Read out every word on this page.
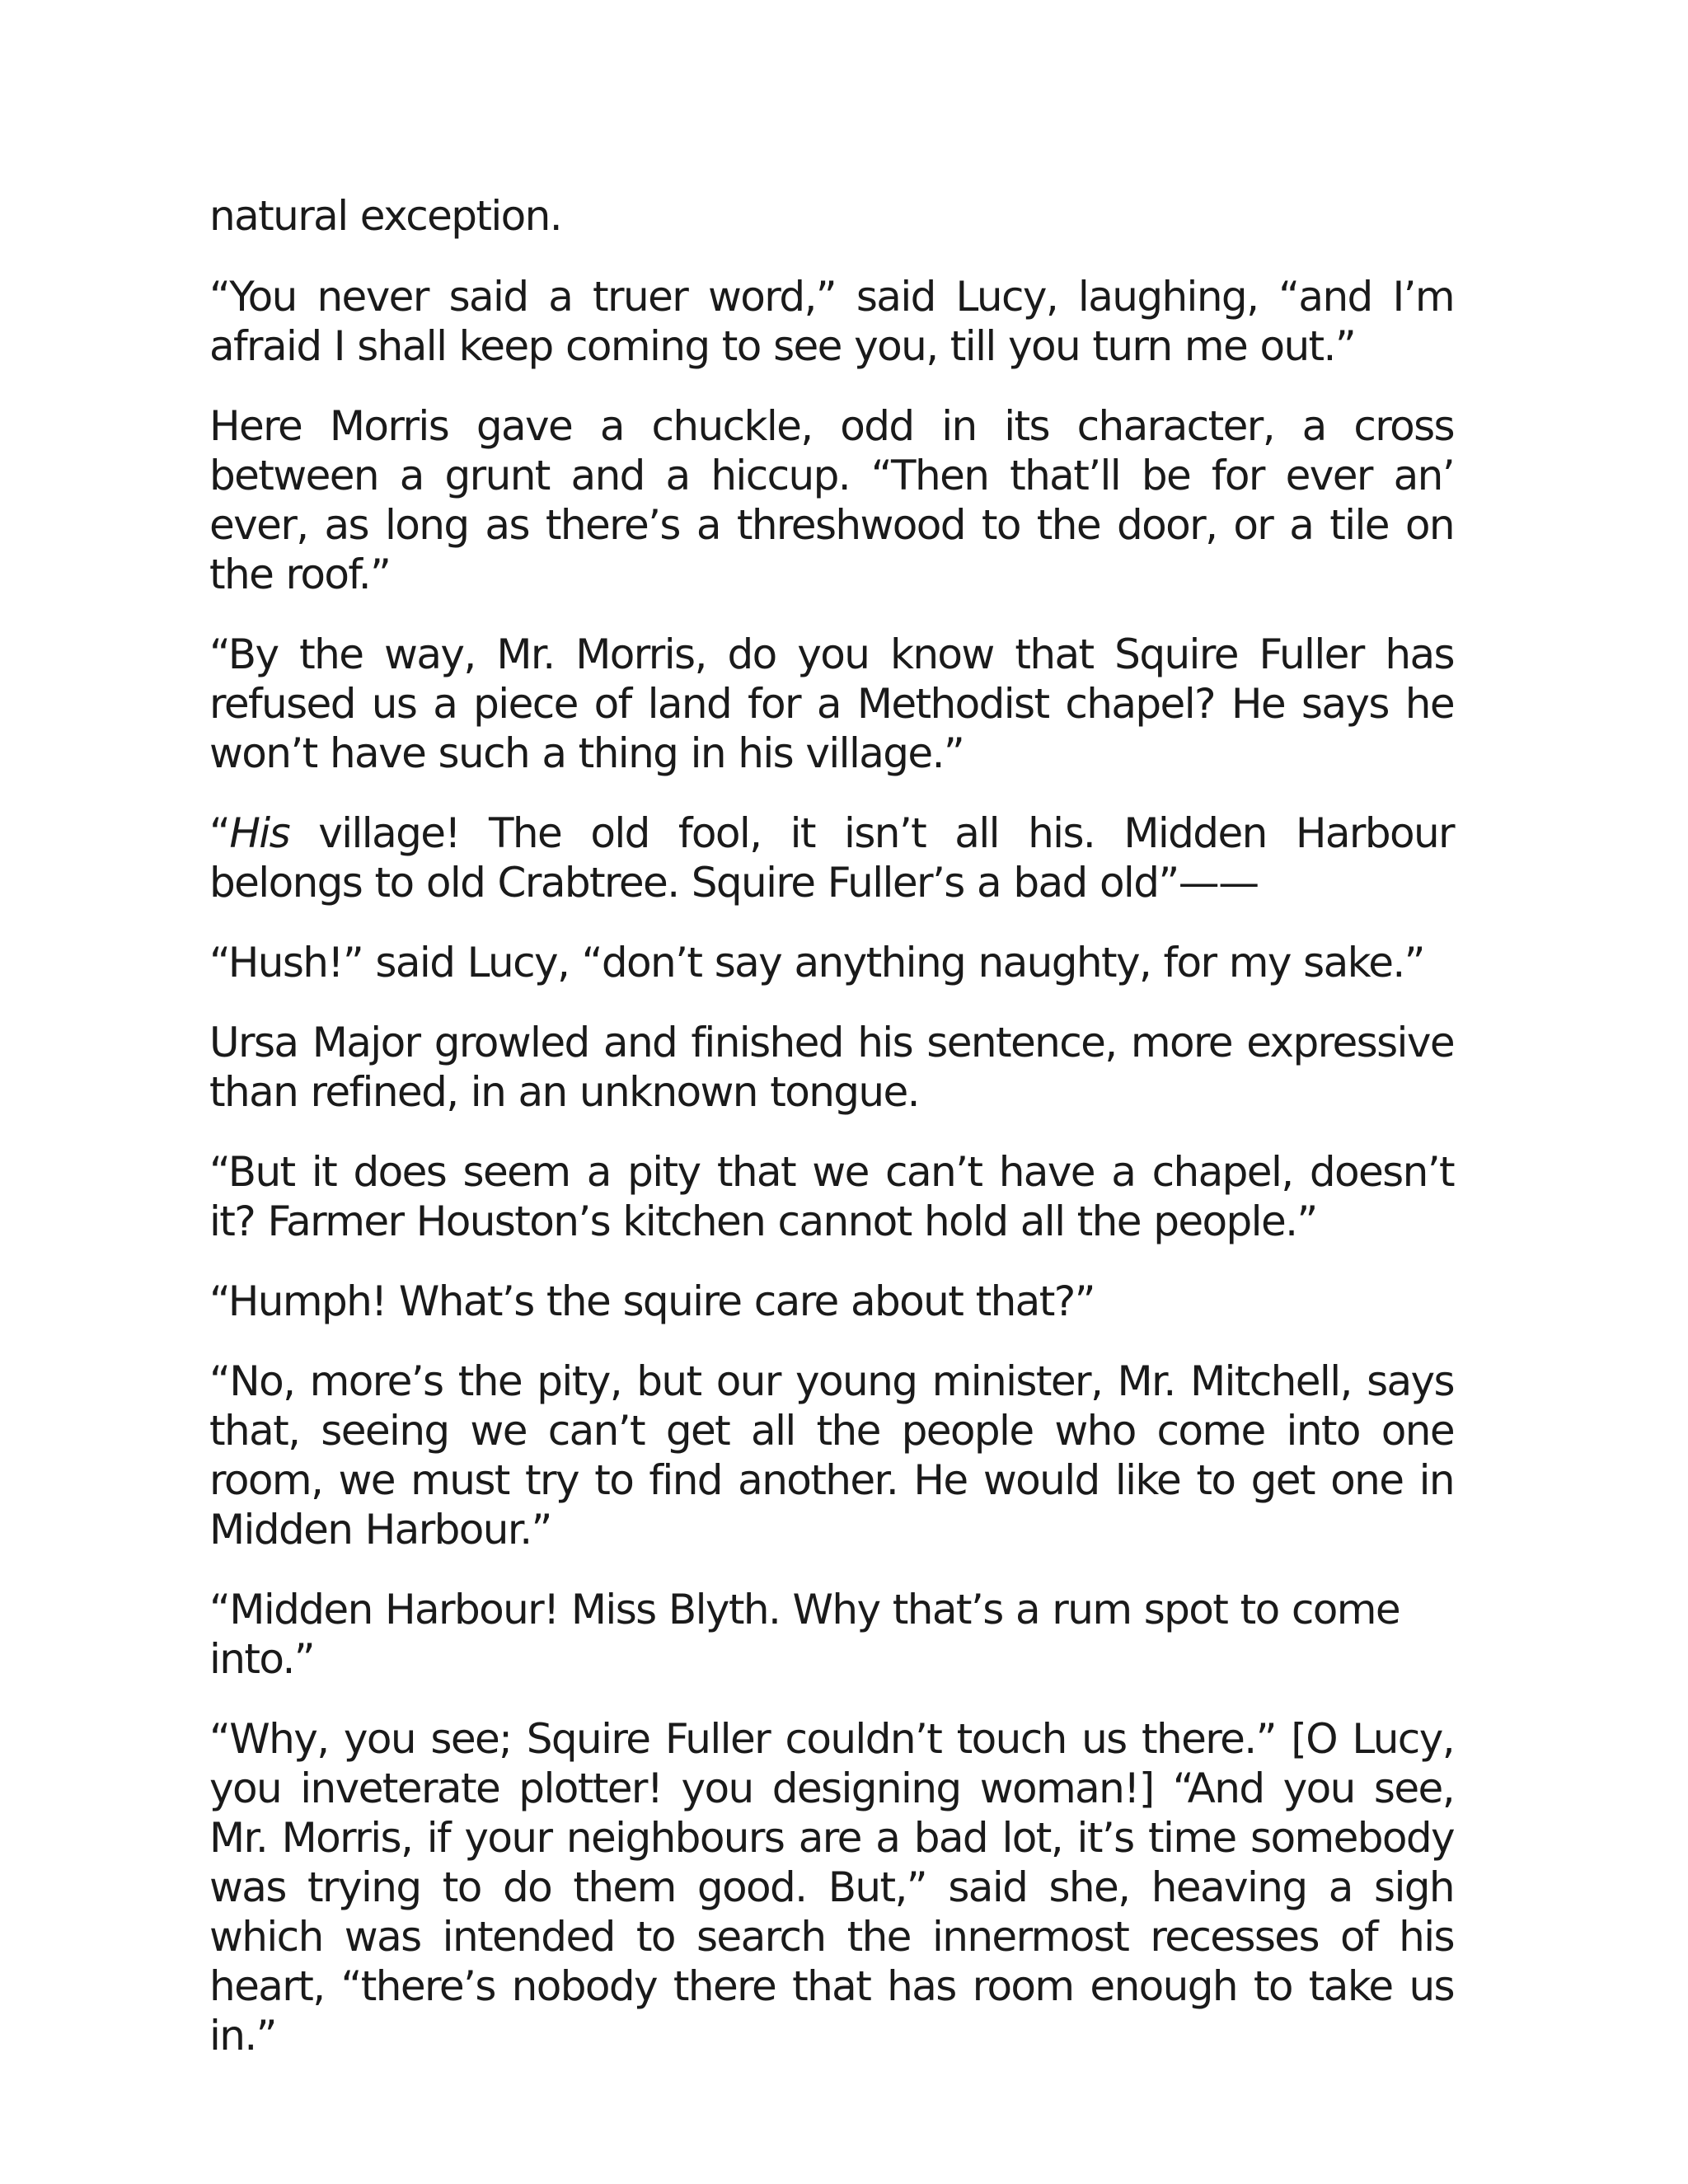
natural exception.

“You never said a truer word,” said Lucy, laughing, “and I’m afraid I shall keep coming to see you, till you turn me out.”

Here Morris gave a chuckle, odd in its character, a cross between a grunt and a hiccup. “Then that’ll be for ever an’ ever, as long as there’s a threshwood to the door, or a tile on the roof.”

“By the way, Mr. Morris, do you know that Squire Fuller has refused us a piece of land for a Methodist chapel? He says he won’t have such a thing in his village.”

“His village! The old fool, it isn’t all his. Midden Harbour belongs to old Crabtree. Squire Fuller’s a bad old”——

“Hush!” said Lucy, “don’t say anything naughty, for my sake.”

Ursa Major growled and finished his sentence, more expressive than refined, in an unknown tongue.

“But it does seem a pity that we can’t have a chapel, doesn’t it? Farmer Houston’s kitchen cannot hold all the people.”

“Humph! What’s the squire care about that?”

“No, more’s the pity, but our young minister, Mr. Mitchell, says that, seeing we can’t get all the people who come into one room, we must try to find another. He would like to get one in Midden Harbour.”

“Midden Harbour! Miss Blyth. Why that’s a rum spot to come into.”

“Why, you see; Squire Fuller couldn’t touch us there.” [O Lucy, you inveterate plotter! you designing woman!] “And you see, Mr. Morris, if your neighbours are a bad lot, it’s time somebody was trying to do them good. But,” said she, heaving a sigh which was intended to search the innermost recesses of his heart, “there’s nobody there that has room enough to take us in.”
